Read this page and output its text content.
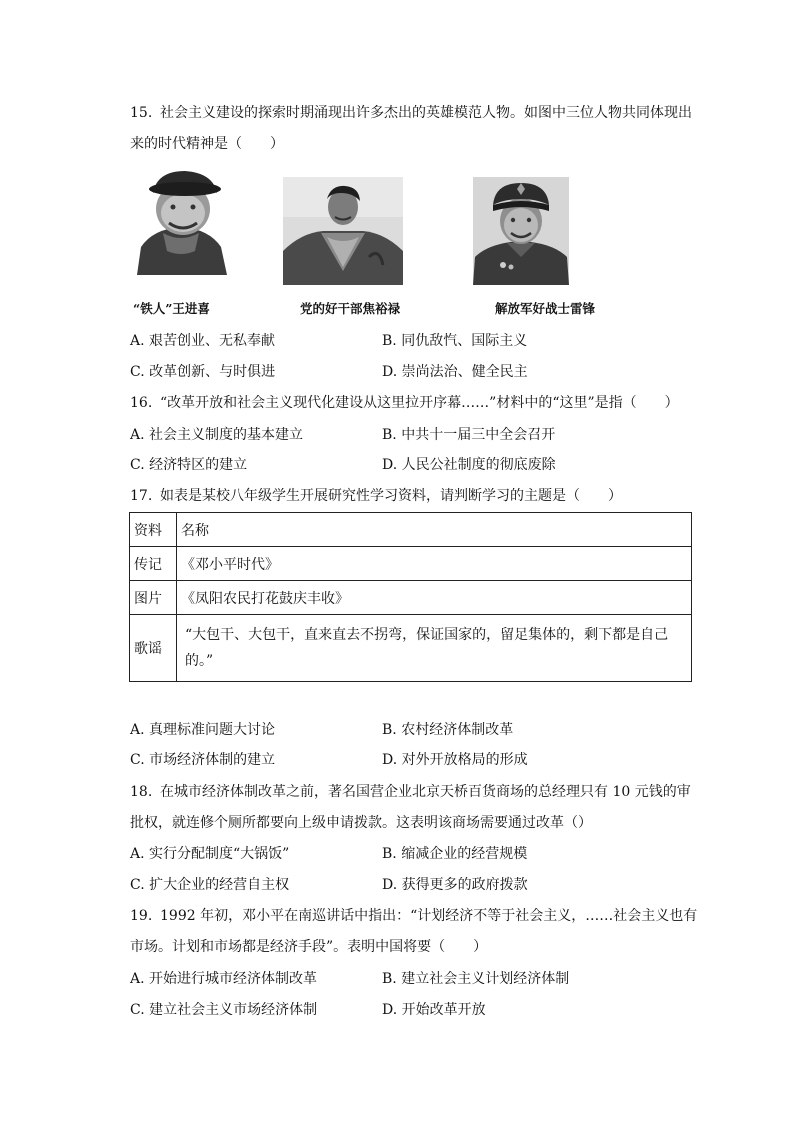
15. 社会主义建设的探索时期涌现出许多杰出的英雄模范人物。如图中三位人物共同体现出
来的时代精神是（　　）
“铁人”王进喜	党的好干部焦裕禄	解放军好战士雷锋
A. 艰苦创业、无私奉献	B. 同仇敌忾、国际主义
C. 改革创新、与时俱进	D. 崇尚法治、健全民主
16. “改革开放和社会主义现代化建设从这里拉开序幕……”材料中的“这里”是指（　　）
A. 社会主义制度的基本建立	B. 中共十一届三中全会召开
C. 经济特区的建立	D. 人民公社制度的彻底废除
17. 如表是某校八年级学生开展研究性学习资料，请判断学习的主题是（　　）
资料	名称
传记	《邓小平时代》
图片	《凤阳农民打花鼓庆丰收》
歌谣	“大包干、大包干，直来直去不拐弯，保证国家的，留足集体的，剩下都是自己的。”
A. 真理标准问题大讨论	B. 农村经济体制改革
C. 市场经济体制的建立	D. 对外开放格局的形成
18. 在城市经济体制改革之前，著名国营企业北京天桥百货商场的总经理只有 10 元钱的审
批权，就连修个厕所都要向上级申请拨款。这表明该商场需要通过改革（）
A. 实行分配制度“大锅饭”	B. 缩减企业的经营规模
C. 扩大企业的经营自主权	D. 获得更多的政府拨款
19. 1992 年初，邓小平在南巡讲话中指出：“计划经济不等于社会主义，……社会主义也有
市场。计划和市场都是经济手段”。表明中国将要（　　）
A. 开始进行城市经济体制改革	B. 建立社会主义计划经济体制
C. 建立社会主义市场经济体制	D. 开始改革开放
